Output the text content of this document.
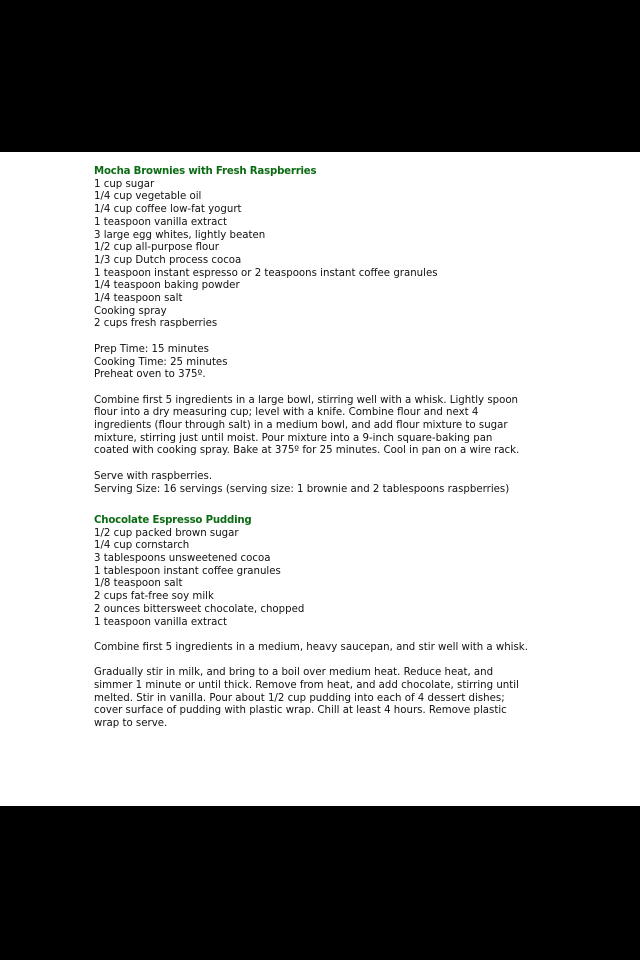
Mocha Brownies with Fresh Raspberries
1 cup sugar
1/4 cup vegetable oil
1/4 cup coffee low-fat yogurt
1 teaspoon vanilla extract
3 large egg whites, lightly beaten
1/2 cup all-purpose flour
1/3 cup Dutch process cocoa
1 teaspoon instant espresso or 2 teaspoons instant coffee granules
1/4 teaspoon baking powder
1/4 teaspoon salt
Cooking spray
2 cups fresh raspberries
Prep Time: 15 minutes
Cooking Time: 25 minutes
Preheat oven to 375º.
Combine first 5 ingredients in a large bowl, stirring well with a whisk. Lightly spoon
flour into a dry measuring cup; level with a knife. Combine flour and next 4
ingredients (flour through salt) in a medium bowl, and add flour mixture to sugar
mixture, stirring just until moist. Pour mixture into a 9-inch square-baking pan
coated with cooking spray. Bake at 375º for 25 minutes. Cool in pan on a wire rack.
Serve with raspberries.
Serving Size: 16 servings (serving size: 1 brownie and 2 tablespoons raspberries)
Chocolate Espresso Pudding
1/2 cup packed brown sugar
1/4 cup cornstarch
3 tablespoons unsweetened cocoa
1 tablespoon instant coffee granules
1/8 teaspoon salt
2 cups fat-free soy milk
2 ounces bittersweet chocolate, chopped
1 teaspoon vanilla extract
Combine first 5 ingredients in a medium, heavy saucepan, and stir well with a whisk.
Gradually stir in milk, and bring to a boil over medium heat. Reduce heat, and
simmer 1 minute or until thick. Remove from heat, and add chocolate, stirring until
melted. Stir in vanilla. Pour about 1/2 cup pudding into each of 4 dessert dishes;
cover surface of pudding with plastic wrap. Chill at least 4 hours. Remove plastic
wrap to serve.
